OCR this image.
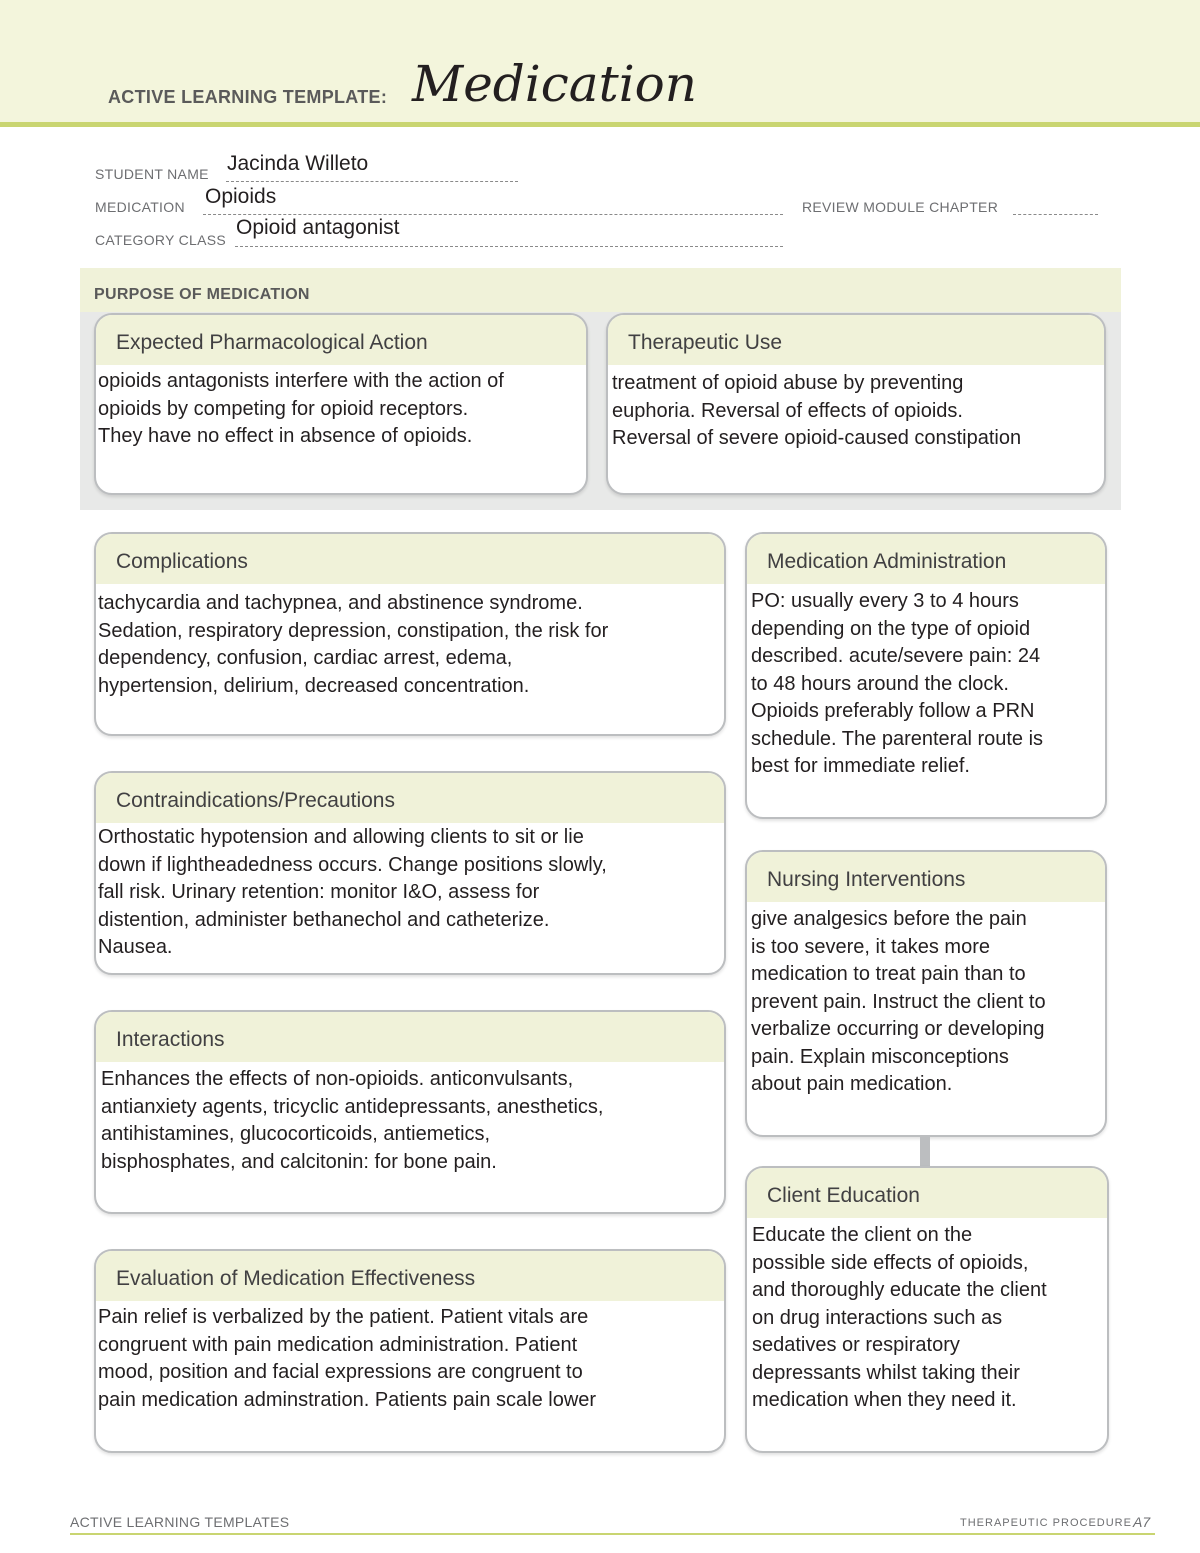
ACTIVE LEARNING TEMPLATE: Medication
STUDENT NAME Jacinda Willeto
MEDICATION Opioids	REVIEW MODULE CHAPTER
CATEGORY CLASS
Opioid antagonist
PURPOSE OF MEDICATION
Expected Pharmacological Action
opioids antagonists interfere with the action of
opioids by competing for opioid receptors.
They have no effect in absence of opioids.
Therapeutic Use
treatment of opioid abuse by preventing
euphoria. Reversal of effects of opioids.
Reversal of severe opioid-caused constipation
Complications
tachycardia and tachypnea, and abstinence syndrome.
Sedation, respiratory depression, constipation, the risk for
dependency, confusion, cardiac arrest, edema,
hypertension, delirium, decreased concentration.
Contraindications/Precautions
Orthostatic hypotension and allowing clients to sit or lie
down if lightheadedness occurs. Change positions slowly,
fall risk. Urinary retention: monitor I&O, assess for
distention, administer bethanechol and catheterize.
Nausea.
Interactions
Enhances the effects of non-opioids. anticonvulsants,
antianxiety agents, tricyclic antidepressants, anesthetics,
antihistamines, glucocorticoids, antiemetics,
bisphosphates, and calcitonin: for bone pain.
Evaluation of Medication Effectiveness
Pain relief is verbalized by the patient. Patient vitals are
congruent with pain medication administration. Patient
mood, position and facial expressions are congruent to
pain medication adminstration. Patients pain scale lower
Medication Administration
PO: usually every 3 to 4 hours
depending on the type of opioid
described. acute/severe pain: 24
to 48 hours around the clock.
Opioids preferably follow a PRN
schedule. The parenteral route is
best for immediate relief.
Nursing Interventions
give analgesics before the pain
is too severe, it takes more
medication to treat pain than to
prevent pain. Instruct the client to
verbalize occurring or developing
pain. Explain misconceptions
about pain medication.
Client Education
Educate the client on the
possible side effects of opioids,
and thoroughly educate the client
on drug interactions such as
sedatives or respiratory
depressants whilst taking their
medication when they need it.
ACTIVE LEARNING TEMPLATES	THERAPEUTIC PROCEDURE A7
